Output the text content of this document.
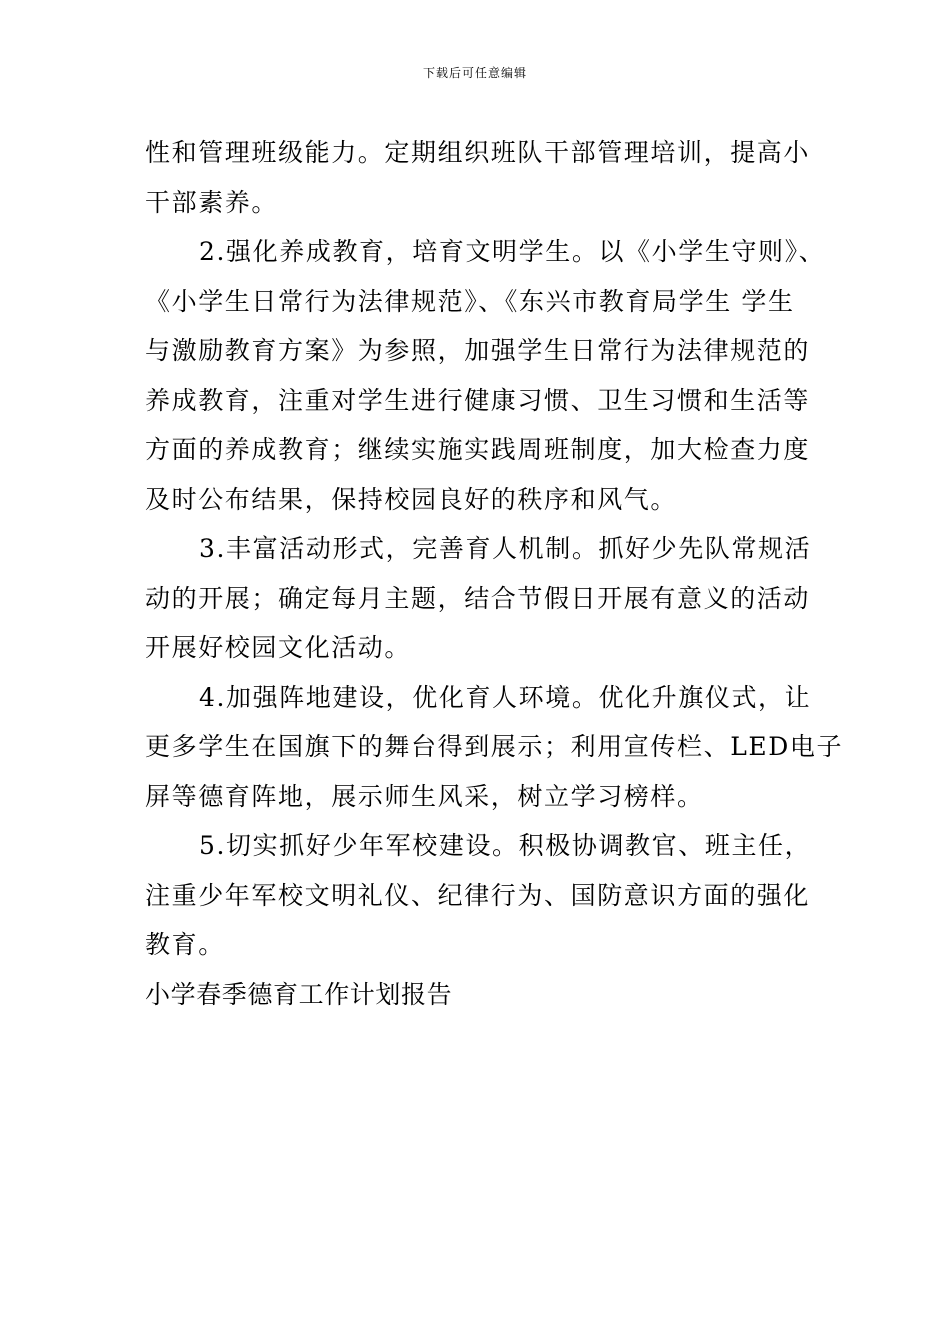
下载后可任意编辑
性和管理班级能力。定期组织班队干部管理培训，提高小
干部素养。
2.强化养成教育，培育文明学生。以《小学生守则》、
《小学生日常行为法律规范》、《东兴市教育局学生 学生
与激励教育方案》为参照，加强学生日常行为法律规范的
养成教育，注重对学生进行健康习惯、卫生习惯和生活等
方面的养成教育；继续实施实践周班制度，加大检查力度
及时公布结果，保持校园良好的秩序和风气。
3.丰富活动形式，完善育人机制。抓好少先队常规活
动的开展；确定每月主题，结合节假日开展有意义的活动
开展好校园文化活动。
4.加强阵地建设，优化育人环境。优化升旗仪式，让
更多学生在国旗下的舞台得到展示；利用宣传栏、LED电子
屏等德育阵地，展示师生风采，树立学习榜样。
5.切实抓好少年军校建设。积极协调教官、班主任，
注重少年军校文明礼仪、纪律行为、国防意识方面的强化
教育。
小学春季德育工作计划报告
